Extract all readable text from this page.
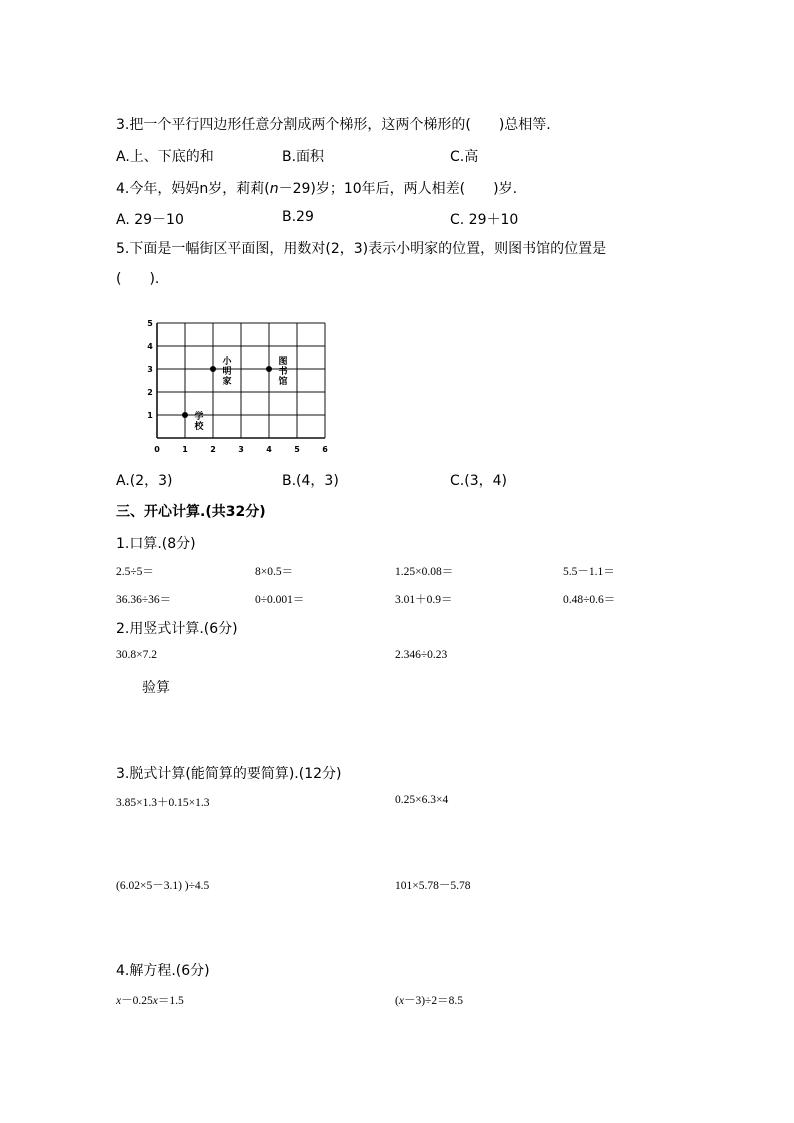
3.把一个平行四边形任意分割成两个梯形，这两个梯形的(　　)总相等.
A.上、下底的和	B.面积	C.高
4.今年，妈妈n岁，莉莉(n－29)岁；10年后，两人相差(　　)岁.
A. 29－10	B.29	C. 29＋10
5.下面是一幅街区平面图，用数对(2，3)表示小明家的位置，则图书馆的位置是
(　　).
0	1	2	3	4	5	6
1
2
3
4
5
小
明
家
图
书
馆
学
校
A.(2，3)	B.(4，3)	C.(3，4)
三、开心计算.(共32分)
1.口算.(8分)
2.5÷5＝	8×0.5＝	1.25×0.08＝	5.5－1.1＝
36.36÷36＝	0÷0.001＝	3.01＋0.9＝	0.48÷0.6＝
2.用竖式计算.(6分)
30.8×7.2	2.346÷0.23
验算
3.脱式计算(能简算的要简算).(12分)
3.85×1.3＋0.15×1.3	0.25×6.3×4
(6.02×5－3.1) )÷4.5	101×5.78－5.78
4.解方程.(6分)
x－0.25x＝1.5	(x－3)÷2＝8.5
